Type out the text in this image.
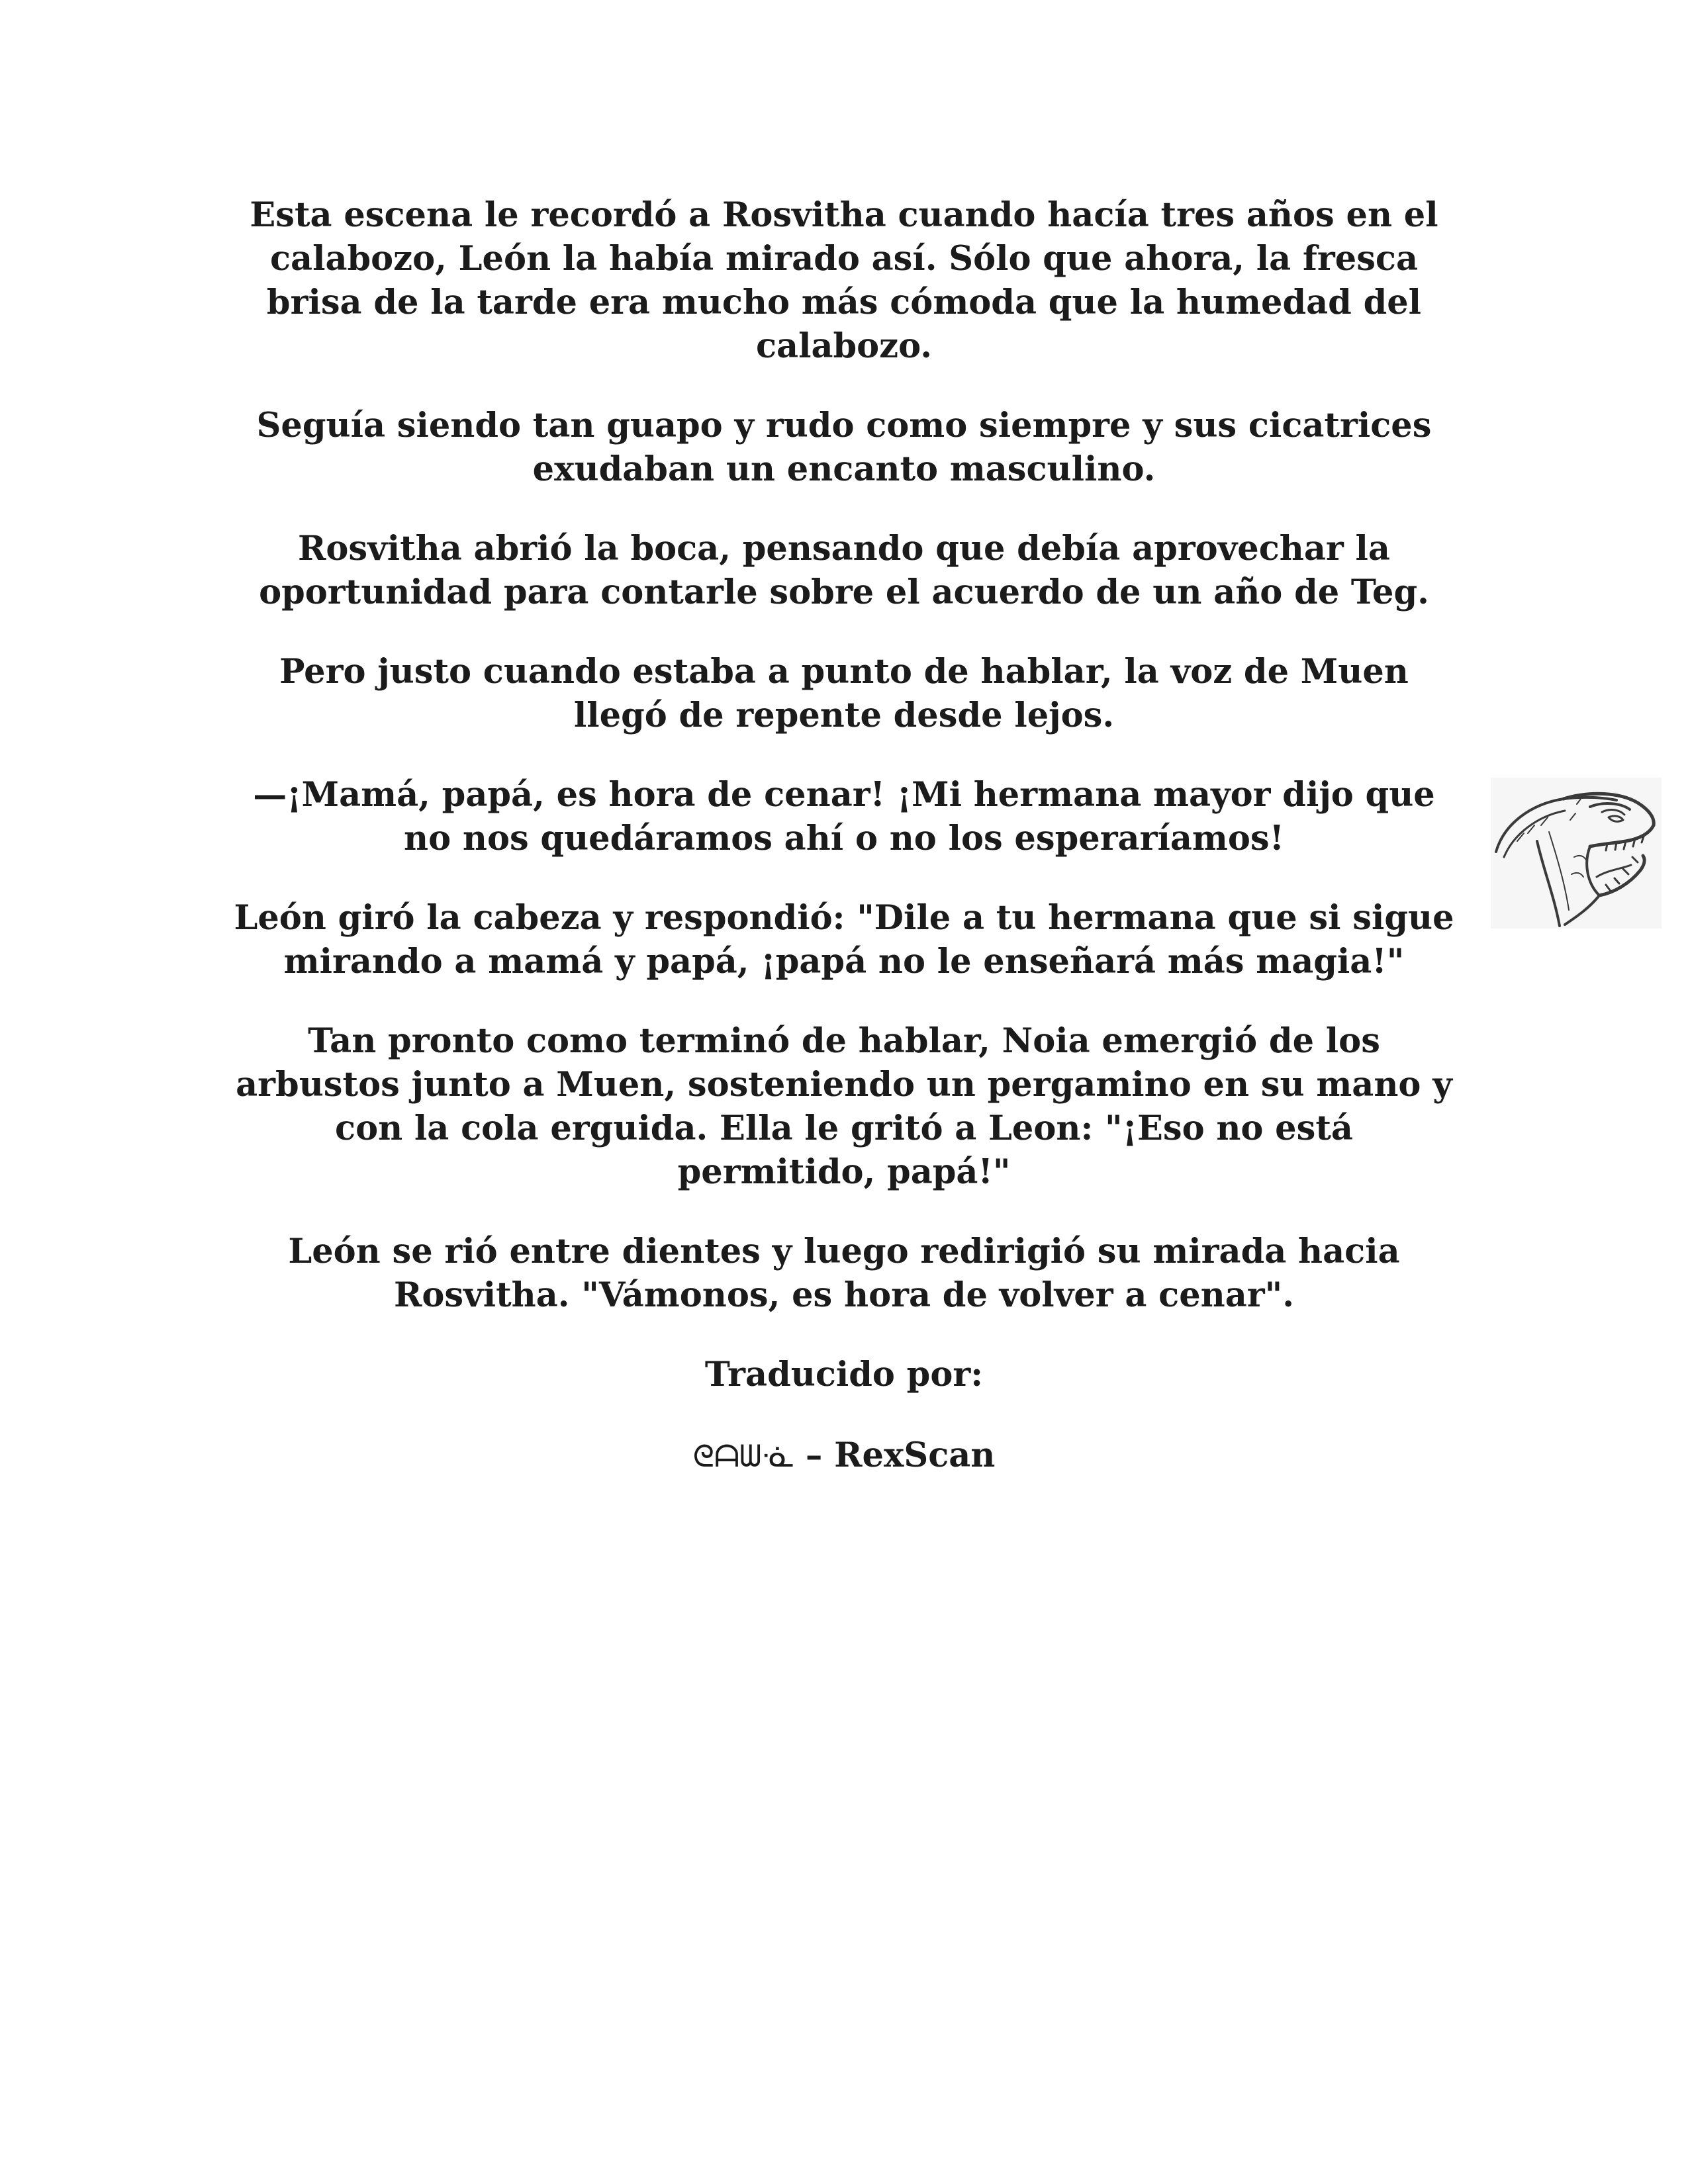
Esta escena le recordó a Rosvitha cuando hacía tres años en el calabozo, León la había mirado así. Sólo que ahora, la fresca brisa de la tarde era mucho más cómoda que la humedad del calabozo.

Seguía siendo tan guapo y rudo como siempre y sus cicatrices exudaban un encanto masculino.

Rosvitha abrió la boca, pensando que debía aprovechar la oportunidad para contarle sobre el acuerdo de un año de Teg.

Pero justo cuando estaba a punto de hablar, la voz de Muen llegó de repente desde lejos.

—¡Mamá, papá, es hora de cenar! ¡Mi hermana mayor dijo que no nos quedáramos ahí o no los esperaríamos!

León giró la cabeza y respondió: "Dile a tu hermana que si sigue mirando a mamá y papá, ¡papá no le enseñará más magia!"

Tan pronto como terminó de hablar, Noia emergió de los arbustos junto a Muen, sosteniendo un pergamino en su mano y con la cola erguida. Ella le gritó a Leon: "¡Eso no está permitido, papá!"

León se rió entre dientes y luego redirigió su mirada hacia Rosvitha. "Vámonos, es hora de volver a cenar".

Traducido por:

ᘓᗩᗯᓍ – RexScan
